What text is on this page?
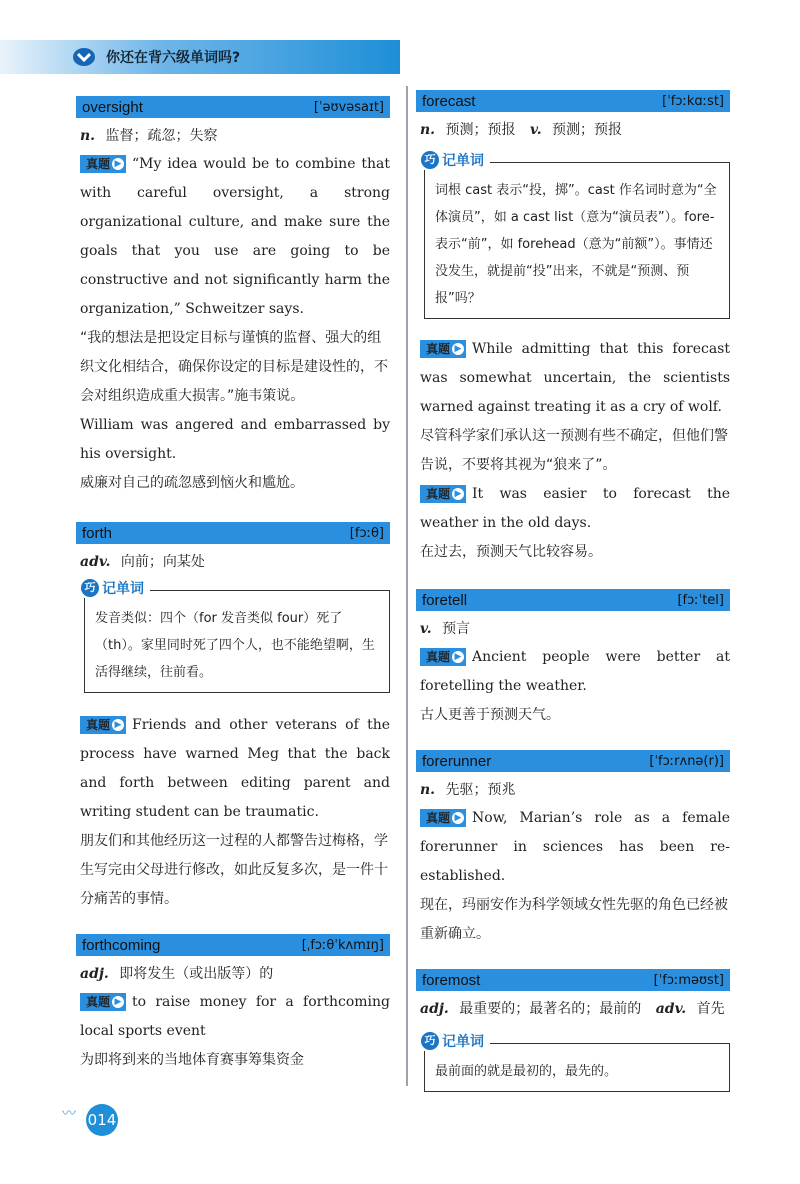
你还在背六级单词吗?
oversight	[ˈəʊvəsaɪt]
n. 监督；疏忽；失察

真题 ▶ “My idea would be to combine that with careful oversight, a strong organizational culture, and make sure the goals that you use are going to be constructive and not significantly harm the organization,” Schweitzer says.

“我的想法是把设定目标与谨慎的监督、强大的组织文化相结合，确保你设定的目标是建设性的，不会对组织造成重大损害。”施韦策说。

William was angered and embarrassed by his oversight.

威廉对自己的疏忽感到恼火和尴尬。

forth	[fɔːθ]
adv. 向前；向某处
巧 记单词
发音类似：四个（for 发音类似 four）死了（th）。家里同时死了四个人，也不能绝望啊，生活得继续，往前看。

真题 ▶ Friends and other veterans of the process have warned Meg that the back and forth between editing parent and writing student can be traumatic.

朋友们和其他经历这一过程的人都警告过梅格，学生写完由父母进行修改，如此反复多次，是一件十分痛苦的事情。

forthcoming	[ˌfɔːθˈkʌmɪŋ]
adj. 即将发生（或出版等）的

真题 ▶ to raise money for a forthcoming local sports event

为即将到来的当地体育赛事筹集资金

forecast	[ˈfɔːkɑːst]
n. 预测；预报 v. 预测；预报
巧 记单词
词根 cast 表示“投，掷”。cast 作名词时意为“全体演员”，如 a cast list（意为“演员表”）。fore- 表示“前”，如 forehead（意为“前额”）。事情还没发生，就提前“投”出来，不就是“预测、预报”吗？

真题 ▶ While admitting that this forecast was somewhat uncertain, the scientists warned against treating it as a cry of wolf.

尽管科学家们承认这一预测有些不确定，但他们警告说，不要将其视为“狼来了”。

真题 ▶ It was easier to forecast the weather in the old days.

在过去，预测天气比较容易。

foretell	[fɔːˈtel]
v. 预言

真题 ▶ Ancient people were better at foretelling the weather.

古人更善于预测天气。

forerunner	[ˈfɔːrʌnə(r)]
n. 先驱；预兆

真题 ▶ Now, Marian’s role as a female forerunner in sciences has been re-established.

现在，玛丽安作为科学领域女性先驱的角色已经被重新确立。

foremost	[ˈfɔːməʊst]
adj. 最重要的；最著名的；最前的 adv. 首先
巧 记单词
最前面的就是最初的，最先的。
〰 014
